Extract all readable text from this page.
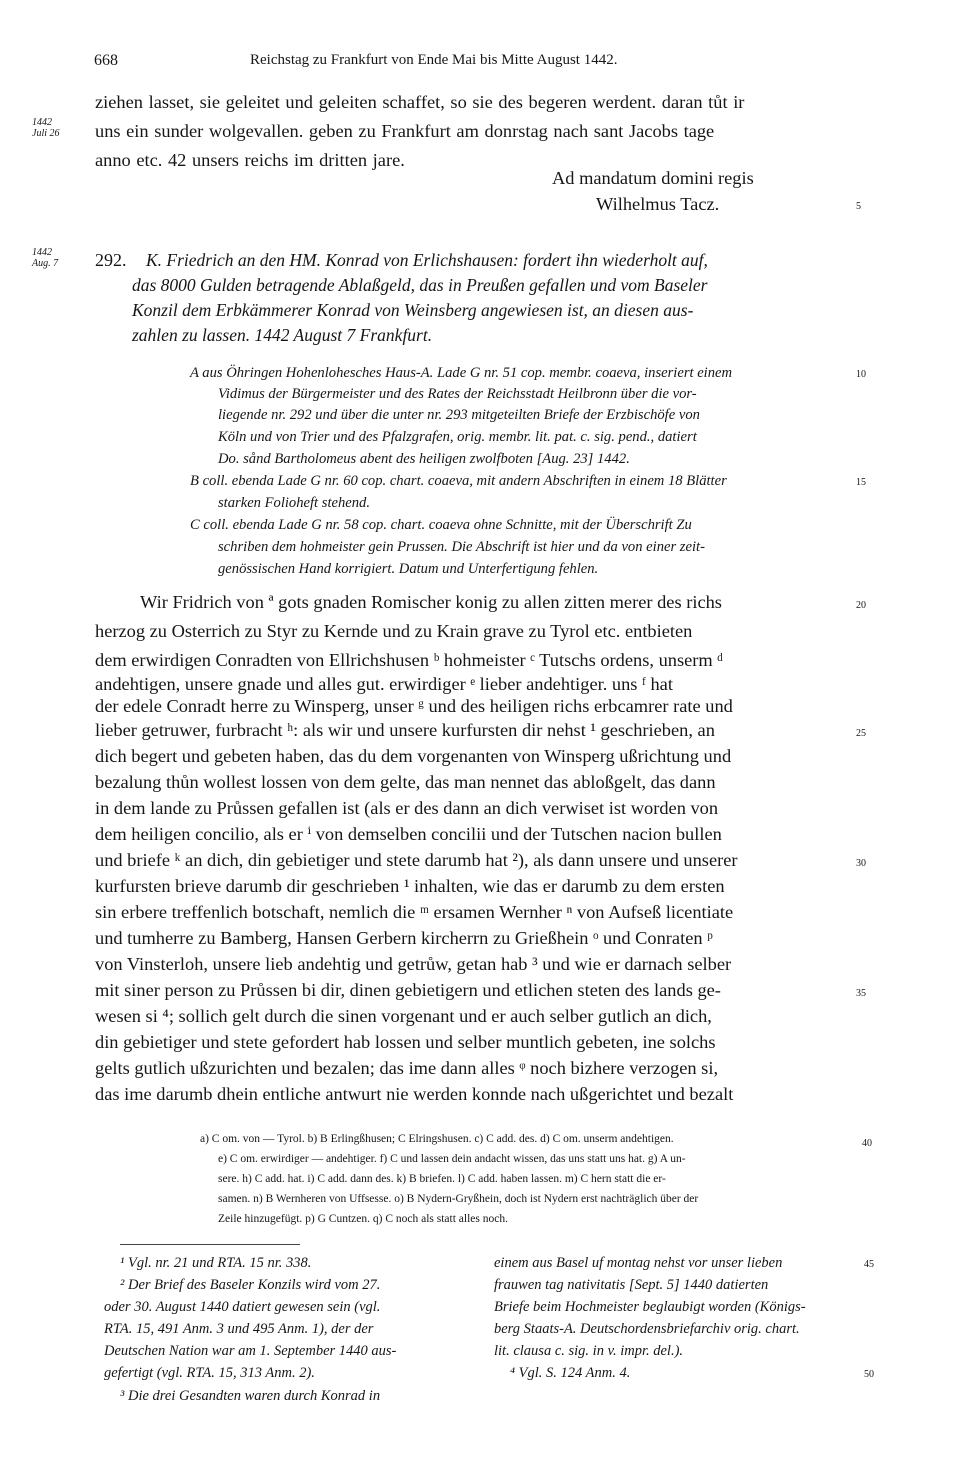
668	Reichstag zu Frankfurt von Ende Mai bis Mitte August 1442.
ziehen lasset, sie geleitet und geleiten schaffet, so sie des begeren werdent. daran tůt ir
uns ein sunder wolgevallen. geben zu Frankfurt am donrstag nach sant Jacobs tage
anno etc. 42 unsers reichs im dritten jare.
1442
Juli 26
Ad mandatum domini regis
Wilhelmus Tacz.	5
1442
Aug. 7 292. K. Friedrich an den HM. Konrad von Erlichshausen: fordert ihn wiederholt auf,
das 8000 Gulden betragende Ablaßgeld, das in Preußen gefallen und vom Baseler
Konzil dem Erbkämmerer Konrad von Weinsberg angewiesen ist, an diesen aus-
zahlen zu lassen. 1442 August 7 Frankfurt.
A aus Öhringen Hohenlohesches Haus-A. Lade G nr. 51 cop. membr. coaeva, inseriert einem
Vidimus der Bürgermeister und des Rates der Reichsstadt Heilbronn über die vor-
liegende nr. 292 und über die unter nr. 293 mitgeteilten Briefe der Erzbischöfe von
Köln und von Trier und des Pfalzgrafen, orig. membr. lit. pat. c. sig. pend., datiert
Do. sånd Bartholomeus abent des heiligen zwolfboten [Aug. 23] 1442.
B coll. ebenda Lade G nr. 60 cop. chart. coaeva, mit andern Abschriften in einem 18 Blätter
starken Folioheft stehend.
C coll. ebenda Lade G nr. 58 cop. chart. coaeva ohne Schnitte, mit der Überschrift Zu
schriben dem hohmeister gein Prussen. Die Abschrift ist hier und da von einer zeit-
genössischen Hand korrigiert. Datum und Unterfertigung fehlen.
10
15
Wir Fridrich von ª gots gnaden Romischer konig zu allen zitten merer des richs
herzog zu Osterrich zu Styr zu Kernde und zu Krain grave zu Tyrol etc. entbieten
dem erwirdigen Conradten von Ellrichshusen ᵇ hohmeister ᶜ Tutschs ordens, unserm ᵈ
andehtigen, unsere gnade und alles gut. erwirdiger ᵉ lieber andehtiger. uns ᶠ hat
der edele Conradt herre zu Winsperg, unser ᵍ und des heiligen richs erbcamrer rate und
lieber getruwer, furbracht ʰ: als wir und unsere kurfursten dir nehst ¹ geschrieben, an
dich begert und gebeten haben, das du dem vorgenanten von Winsperg ußrichtung und
bezalung thůn wollest lossen von dem gelte, das man nennet das abloßgelt, das dann
in dem lande zu Průssen gefallen ist (als er des dann an dich verwiset ist worden von
dem heiligen concilio, als er ⁱ von demselben concilii und der Tutschen nacion bullen
und briefe ᵏ an dich, din gebietiger und stete darumb hat ²), als dann unsere und unserer
kurfursten brieve darumb dir geschrieben ¹ inhalten, wie das er darumb zu dem ersten
sin erbere treffenlich botschaft, nemlich die ᵐ ersamen Wernher ⁿ von Aufseß licentiate
und tumherre zu Bamberg, Hansen Gerbern kircherrn zu Grießhein ᵒ und Conraten ᵖ
von Vinsterloh, unsere lieb andehtig und getrůw, getan hab ³ und wie er darnach selber
mit siner person zu Průssen bi dir, dinen gebietigern und etlichen steten des lands ge-
wesen si ⁴; sollich gelt durch die sinen vorgenant und er auch selber gutlich an dich,
din gebietiger und stete gefordert hab lossen und selber muntlich gebeten, ine solchs
gelts gutlich ußzurichten und bezalen; das ime dann alles ᵠ noch bizhere verzogen si,
das ime darumb dhein entliche antwurt nie werden konnde nach ußgerichtet und bezalt
20
25
30
35
a) C om. von — Tyrol. b) B Erlingßhusen; C Elringshusen. c) C add. des. d) C om. unserm andehtigen.
e) C om. erwirdiger — andehtiger. f) C und lassen dein andacht wissen, das uns statt uns hat. g) A un-
sere. h) C add. hat. i) C add. dann des. k) B briefen. l) C add. haben lassen. m) C hern statt die er-
samen. n) B Wernheren von Uffsesse. o) B Nydern-Gryßhein, doch ist Nydern erst nachträglich über der
Zeile hinzugefügt. p) G Cuntzen. q) C noch als statt alles noch.
40
¹ Vgl. nr. 21 und RTA. 15 nr. 338.
² Der Brief des Baseler Konzils wird vom 27.
oder 30. August 1440 datiert gewesen sein (vgl.
RTA. 15, 491 Anm. 3 und 495 Anm. 1), der der
Deutschen Nation war am 1. September 1440 aus-
gefertigt (vgl. RTA. 15, 313 Anm. 2).
³ Die drei Gesandten waren durch Konrad in
einem aus Basel uf montag nehst vor unser lieben
frauwen tag nativitatis [Sept. 5] 1440 datierten
Briefe beim Hochmeister beglaubigt worden (Königs-
berg Staats-A. Deutschordensbriefarchiv orig. chart.
lit. clausa c. sig. in v. impr. del.).
⁴ Vgl. S. 124 Anm. 4.
45
50
